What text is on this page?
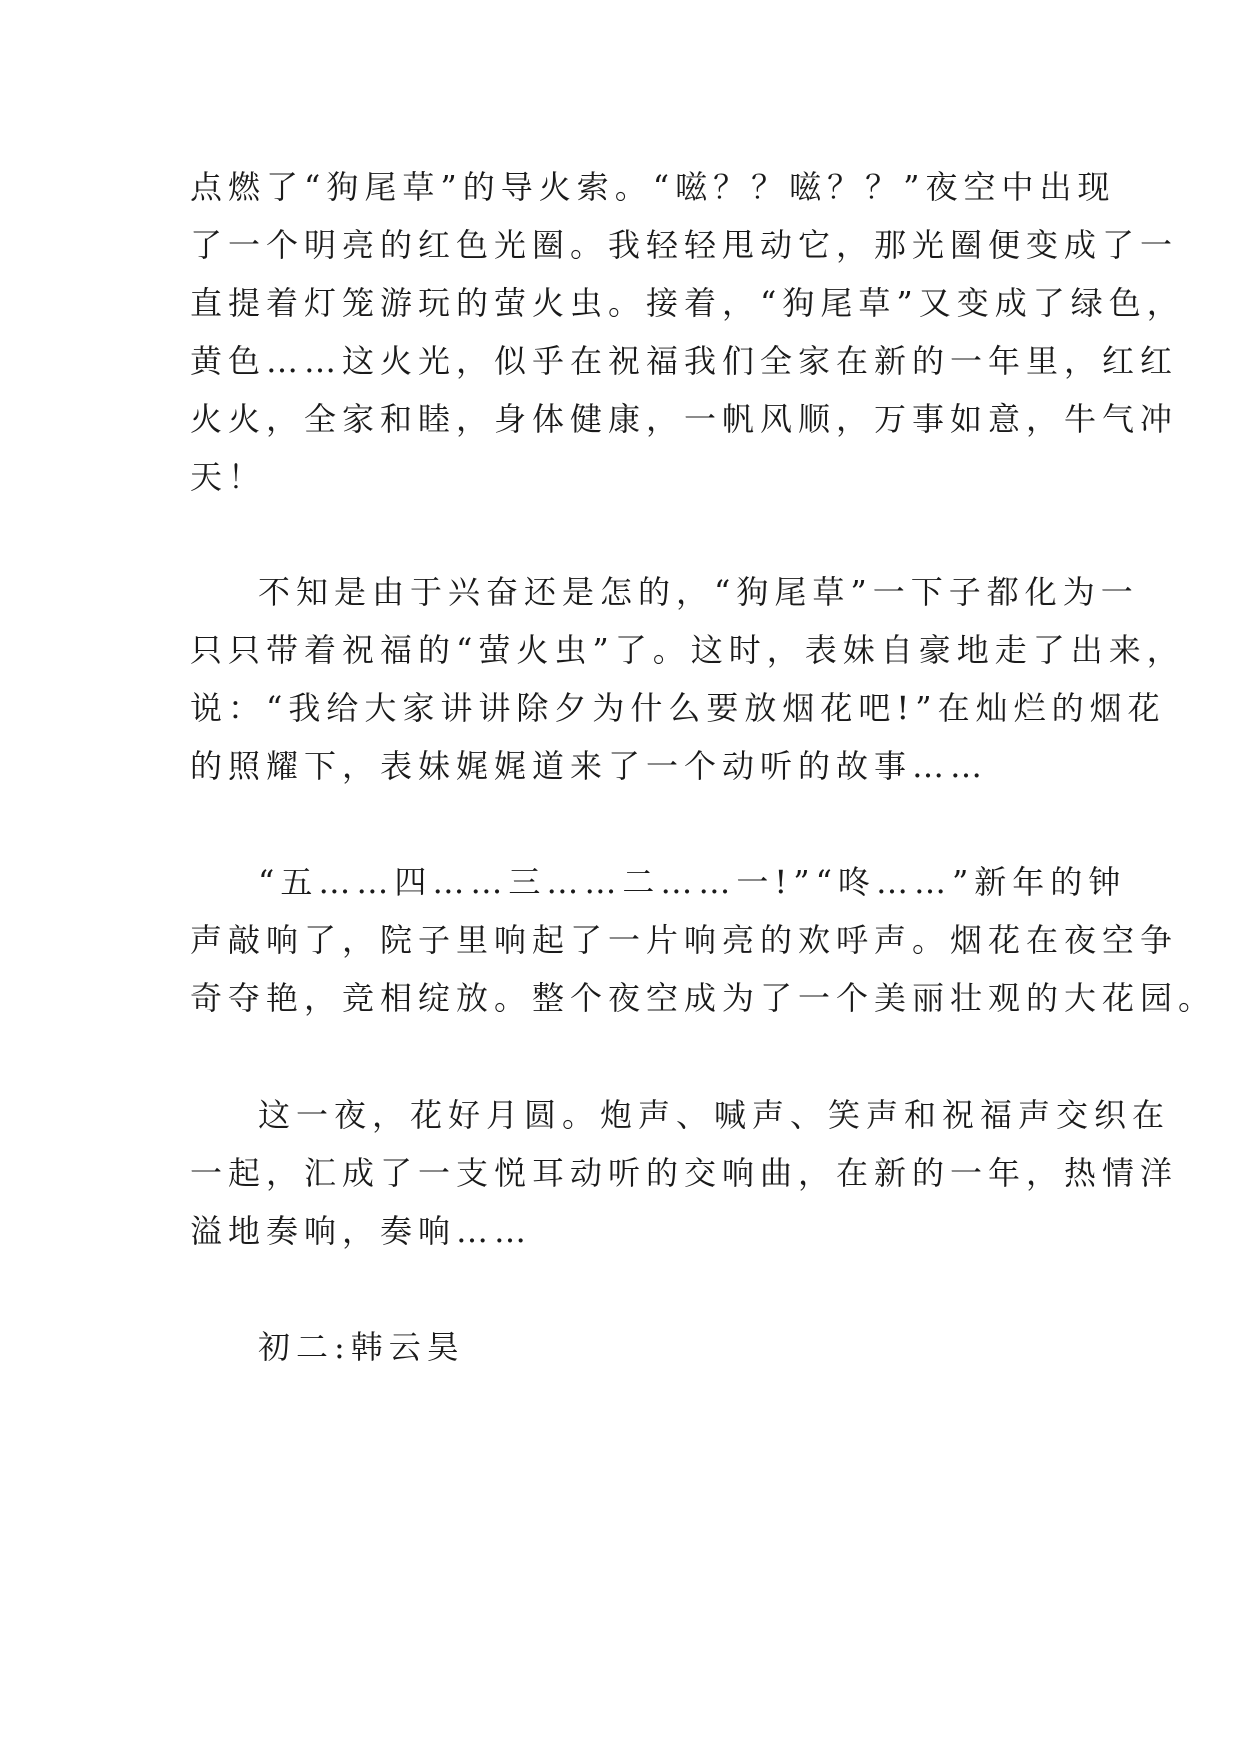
点燃了“狗尾草”的导火索。“嗞？？嗞？？”夜空中出现
了一个明亮的红色光圈。我轻轻甩动它，那光圈便变成了一
直提着灯笼游玩的萤火虫。接着，“狗尾草”又变成了绿色，
黄色……这火光，似乎在祝福我们全家在新的一年里，红红
火火，全家和睦，身体健康，一帆风顺，万事如意，牛气冲
天！
不知是由于兴奋还是怎的，“狗尾草”一下子都化为一
只只带着祝福的“萤火虫”了。这时，表妹自豪地走了出来，
说：“我给大家讲讲除夕为什么要放烟花吧!”在灿烂的烟花
的照耀下，表妹娓娓道来了一个动听的故事……
“五……四……三……二……一!”“咚……”新年的钟
声敲响了，院子里响起了一片响亮的欢呼声。烟花在夜空争
奇夺艳，竞相绽放。整个夜空成为了一个美丽壮观的大花园。
这一夜，花好月圆。炮声、喊声、笑声和祝福声交织在
一起，汇成了一支悦耳动听的交响曲，在新的一年，热情洋
溢地奏响，奏响……
初二:韩云昊
